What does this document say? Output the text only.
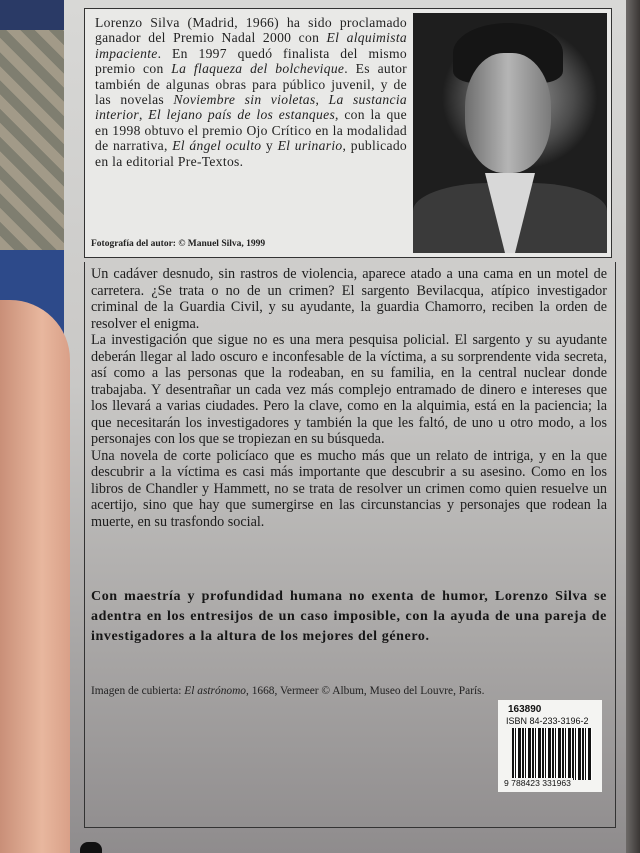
Lorenzo Silva (Madrid, 1966) ha sido proclamado ganador del Premio Nadal 2000 con El alquimista impaciente. En 1997 quedó finalista del mismo premio con La flaqueza del bolchevique. Es autor también de algunas obras para público juvenil, y de las novelas Noviembre sin violetas, La sustancia interior, El lejano país de los estanques, con la que en 1998 obtuvo el premio Ojo Crítico en la modalidad de narrativa, El ángel oculto y El urinario, publicado en la editorial Pre-Textos.
Fotografía del autor: © Manuel Silva, 1999

Un cadáver desnudo, sin rastros de violencia, aparece atado a una cama en un motel de carretera. ¿Se trata o no de un crimen? El sargento Bevilacqua, atípico investigador criminal de la Guardia Civil, y su ayudante, la guardia Chamorro, reciben la orden de resolver el enigma.

La investigación que sigue no es una mera pesquisa policial. El sargento y su ayudante deberán llegar al lado oscuro e inconfesable de la víctima, a su sorprendente vida secreta, así como a las personas que la rodeaban, en su familia, en la central nuclear donde trabajaba. Y desentrañar un cada vez más complejo entramado de dinero e intereses que los llevará a varias ciudades. Pero la clave, como en la alquimia, está en la paciencia; la que necesitarán los investigadores y también la que les faltó, de uno u otro modo, a los personajes con los que se tropiezan en su búsqueda.

Una novela de corte policíaco que es mucho más que un relato de intriga, y en la que descubrir a la víctima es casi más importante que descubrir a su asesino. Como en los libros de Chandler y Hammett, no se trata de resolver un crimen como quien resuelve un acertijo, sino que hay que sumergirse en las circunstancias y personajes que rodean la muerte, en su trasfondo social.

Con maestría y profundidad humana no exenta de humor, Lorenzo Silva se adentra en los entresijos de un caso imposible, con la ayuda de una pareja de investigadores a la altura de los mejores del género.
Imagen de cubierta: El astrónomo, 1668, Vermeer © Album, Museo del Louvre, París.
163890
ISBN 84-233-3196-2
9 788423 331963
